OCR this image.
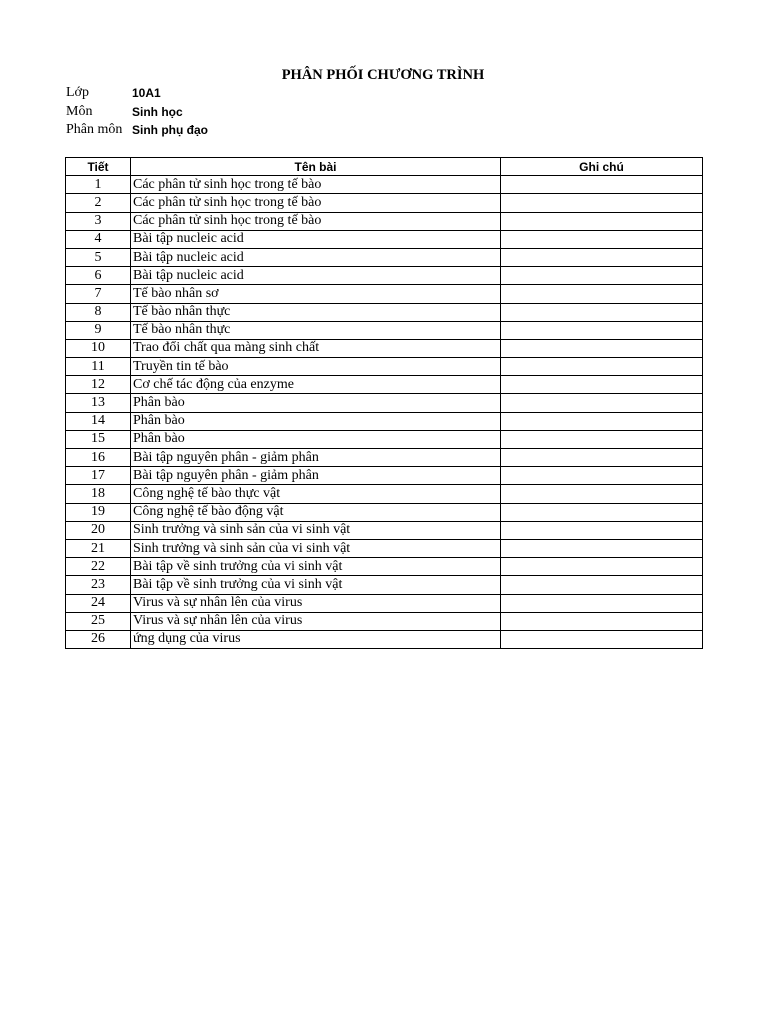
PHÂN PHỐI CHƯƠNG TRÌNH
Lớp	10A1
Môn	Sinh học
Phân môn Sinh phụ đạo
Tiết	Tên bài	Ghi chú
1	Các phân tử sinh học trong tế bào	
2	Các phân tử sinh học trong tế bào	
3	Các phân tử sinh học trong tế bào	
4	Bài tập nucleic acid	
5	Bài tập nucleic acid	
6	Bài tập nucleic acid	
7	Tế bào nhân sơ	
8	Tế bào nhân thực	
9	Tế bào nhân thực	
10	Trao đổi chất qua màng sinh chất	
11	Truyền tin tế bào	
12	Cơ chế tác động của enzyme	
13	Phân bào	
14	Phân bào	
15	Phân bào	
16	Bài tập nguyên phân - giảm phân	
17	Bài tập nguyên phân - giảm phân	
18	Công nghệ tế bào thực vật	
19	Công nghệ tế bào động vật	
20	Sinh trưởng và sinh sản của vi sinh vật	
21	Sinh trưởng và sinh sản của vi sinh vật	
22	Bài tập về sinh trưởng của vi sinh vật	
23	Bài tập về sinh trưởng của vi sinh vật	
24	Virus và sự nhân lên của virus	
25	Virus và sự nhân lên của virus	
26	ứng dụng của virus	
